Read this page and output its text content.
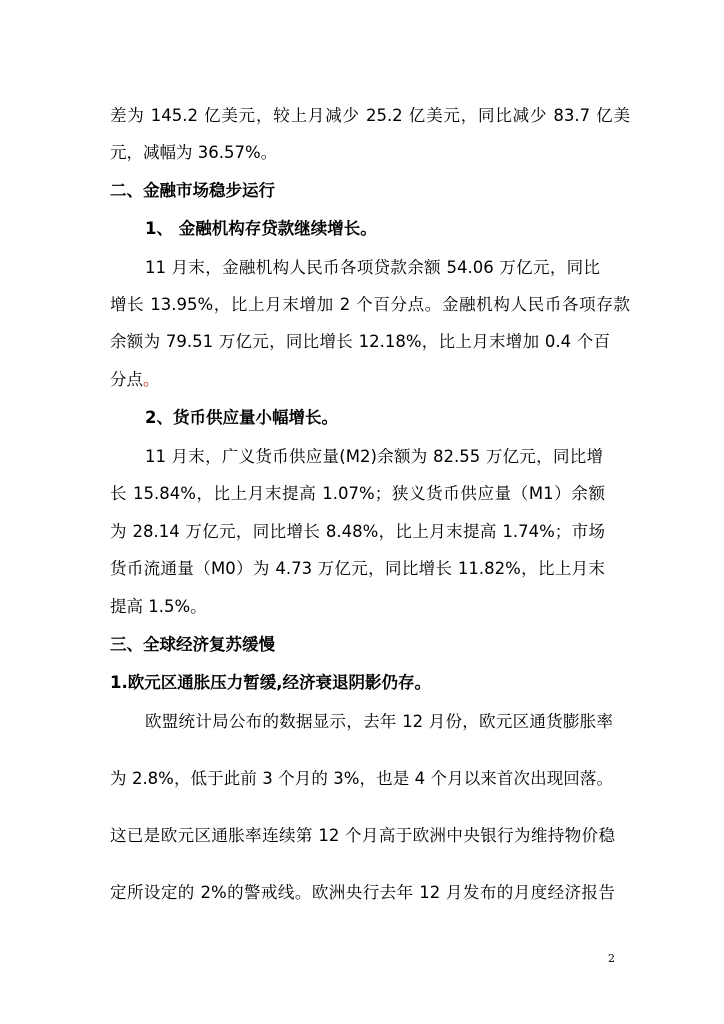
差为 145.2 亿美元，较上月减少 25.2 亿美元，同比减少 83.7 亿美
元，减幅为 36.57%。
二、金融市场稳步运行
1、 金融机构存贷款继续增长。
11 月末，金融机构人民币各项贷款余额 54.06 万亿元，同比
增长 13.95%，比上月末增加 2 个百分点。金融机构人民币各项存款
余额为 79.51 万亿元，同比增长 12.18%，比上月末增加 0.4 个百
分点。
2、货币供应量小幅增长。
11 月末，广义货币供应量(M2)余额为 82.55 万亿元，同比增
长 15.84%，比上月末提高 1.07%；狭义货币供应量（M1）余额
为 28.14 万亿元，同比增长 8.48%，比上月末提高 1.74%；市场
货币流通量（M0）为 4.73 万亿元，同比增长 11.82%，比上月末
提高 1.5%。
三、全球经济复苏缓慢
1.欧元区通胀压力暂缓,经济衰退阴影仍存。
欧盟统计局公布的数据显示，去年 12 月份，欧元区通货膨胀率
为 2.8%，低于此前 3 个月的 3%，也是 4 个月以来首次出现回落。
这已是欧元区通胀率连续第 12 个月高于欧洲中央银行为维持物价稳
定所设定的 2%的警戒线。欧洲央行去年 12 月发布的月度经济报告
2
